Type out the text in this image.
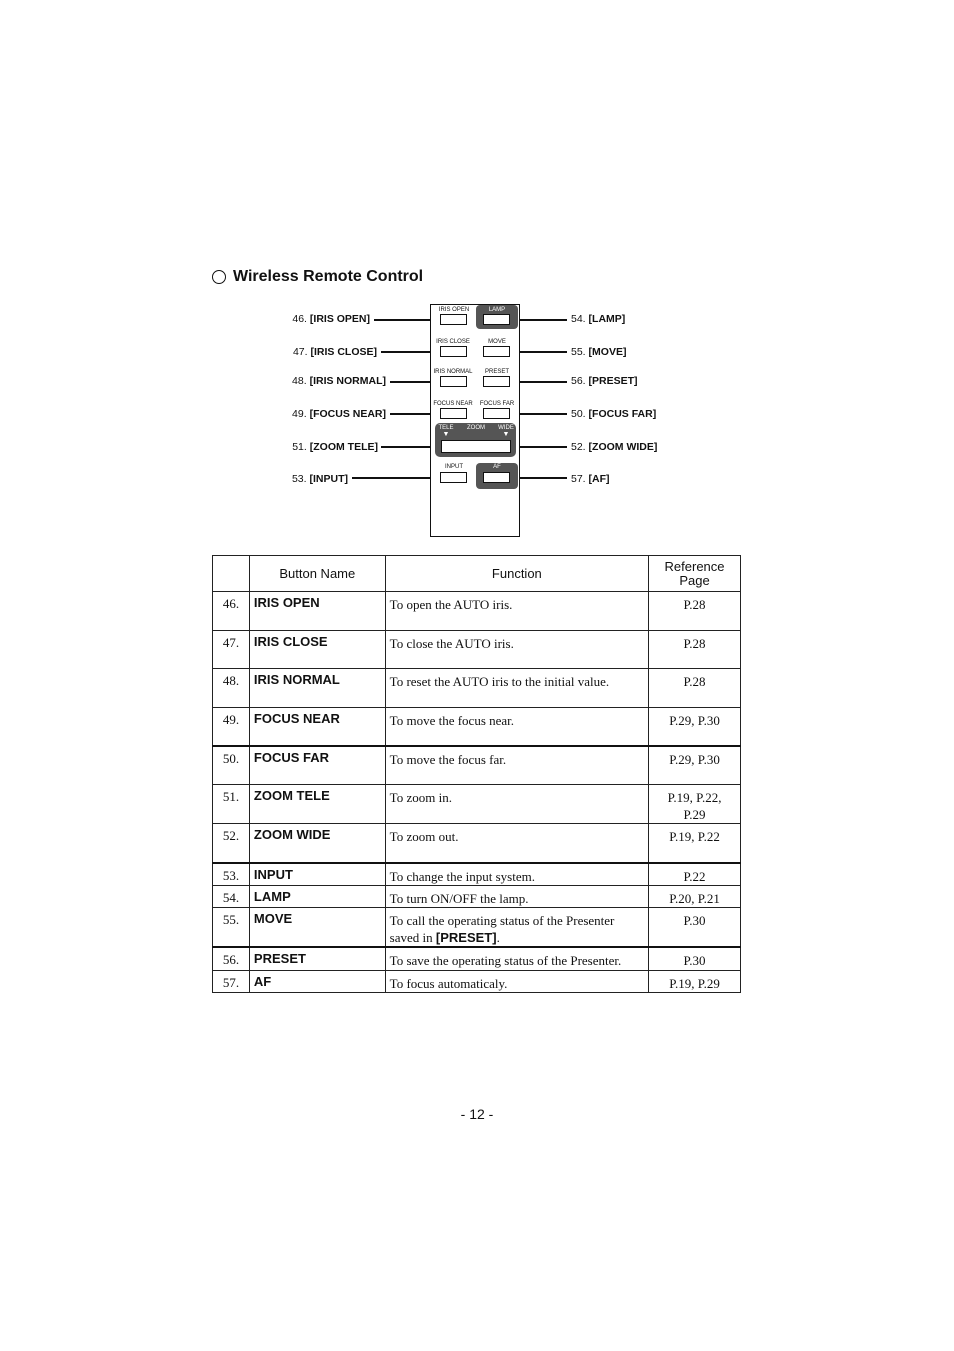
Wireless Remote Control
IRIS OPEN	LAMP
IRIS CLOSE	MOVE
IRIS NORMAL PRESET
FOCUS NEAR FOCUS FAR
TELE ZOOM WIDE
▼	▼
INPUT	AF
46. [IRIS OPEN]
47. [IRIS CLOSE]
48. [IRIS NORMAL]
49. [FOCUS NEAR]
51. [ZOOM TELE]
53. [INPUT]
54. [LAMP]
55. [MOVE]
56. [PRESET]
50. [FOCUS FAR]
52. [ZOOM WIDE]
57. [AF]
	Button Name	Function	Reference
Page
46.	IRIS OPEN	To open the AUTO iris.	P.28
47.	IRIS CLOSE	To close the AUTO iris.	P.28
48.	IRIS NORMAL	To reset the AUTO iris to the initial value.	P.28
49.	FOCUS NEAR	To move the focus near.	P.29, P.30
50.	FOCUS FAR	To move the focus far.	P.29, P.30
51.	ZOOM TELE	To zoom in.	P.19, P.22,
P.29
52.	ZOOM WIDE	To zoom out.	P.19, P.22
53.	INPUT	To change the input system.	P.22
54.	LAMP	To turn ON/OFF the lamp.	P.20, P.21
55.	MOVE	To call the operating status of the Presenter
saved in [PRESET].	P.30
56.	PRESET	To save the operating status of the Presenter.	P.30
57.	AF	To focus automaticaly.	P.19, P.29
- 12 -
